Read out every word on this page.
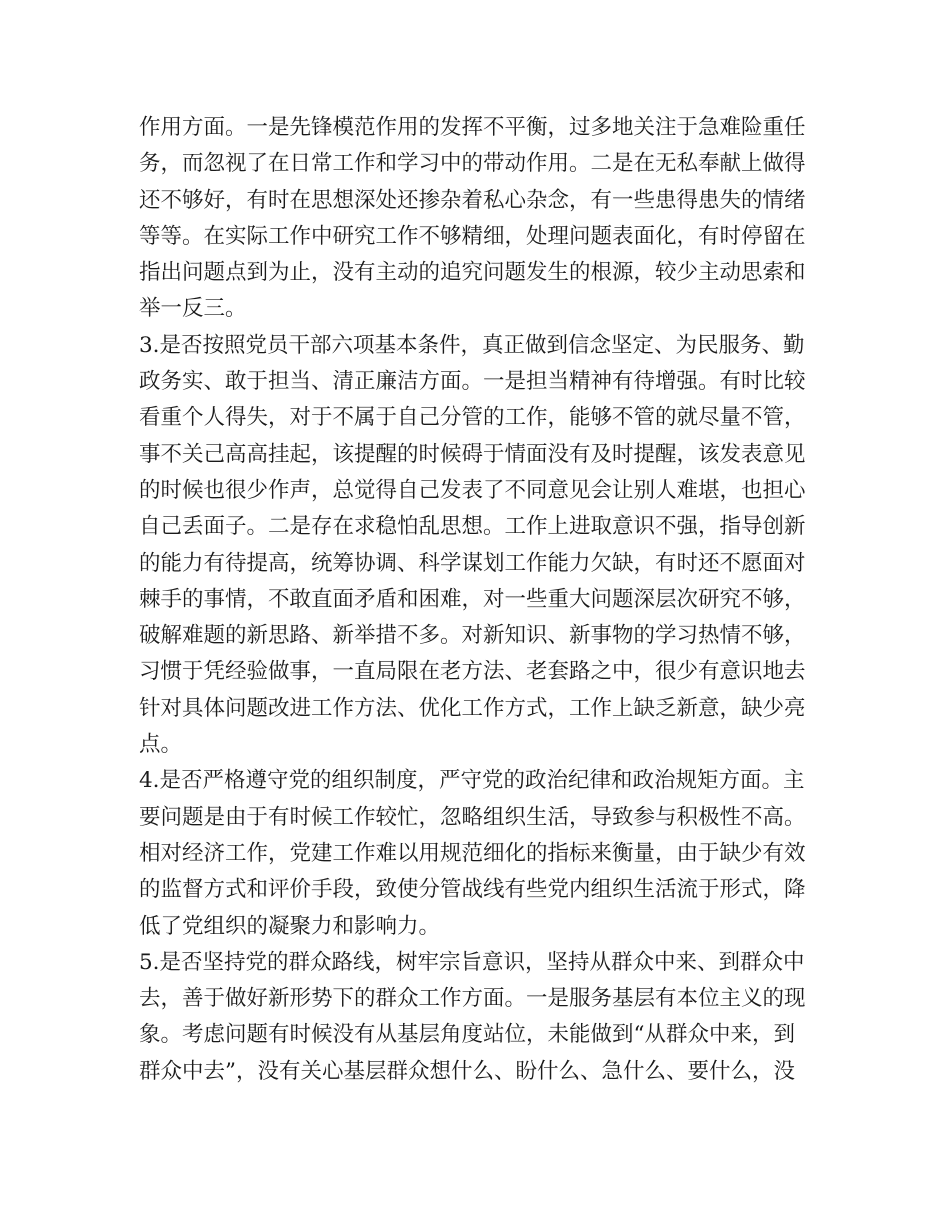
作用方面。一是先锋模范作用的发挥不平衡，过多地关注于急难险重任
务，而忽视了在日常工作和学习中的带动作用。二是在无私奉献上做得
还不够好，有时在思想深处还掺杂着私心杂念，有一些患得患失的情绪
等等。在实际工作中研究工作不够精细，处理问题表面化，有时停留在
指出问题点到为止，没有主动的追究问题发生的根源，较少主动思索和
举一反三。
3.是否按照党员干部六项基本条件，真正做到信念坚定、为民服务、勤
政务实、敢于担当、清正廉洁方面。一是担当精神有待增强。有时比较
看重个人得失，对于不属于自己分管的工作，能够不管的就尽量不管，
事不关己高高挂起，该提醒的时候碍于情面没有及时提醒，该发表意见
的时候也很少作声，总觉得自己发表了不同意见会让别人难堪，也担心
自己丢面子。二是存在求稳怕乱思想。工作上进取意识不强，指导创新
的能力有待提高，统筹协调、科学谋划工作能力欠缺，有时还不愿面对
棘手的事情，不敢直面矛盾和困难，对一些重大问题深层次研究不够，
破解难题的新思路、新举措不多。对新知识、新事物的学习热情不够，
习惯于凭经验做事，一直局限在老方法、老套路之中，很少有意识地去
针对具体问题改进工作方法、优化工作方式，工作上缺乏新意，缺少亮
点。
4.是否严格遵守党的组织制度，严守党的政治纪律和政治规矩方面。主
要问题是由于有时候工作较忙，忽略组织生活，导致参与积极性不高。
相对经济工作，党建工作难以用规范细化的指标来衡量，由于缺少有效
的监督方式和评价手段，致使分管战线有些党内组织生活流于形式，降
低了党组织的凝聚力和影响力。
5.是否坚持党的群众路线，树牢宗旨意识，坚持从群众中来、到群众中
去，善于做好新形势下的群众工作方面。一是服务基层有本位主义的现
象。考虑问题有时候没有从基层角度站位，未能做到“从群众中来，到
群众中去”，没有关心基层群众想什么、盼什么、急什么、要什么，没
